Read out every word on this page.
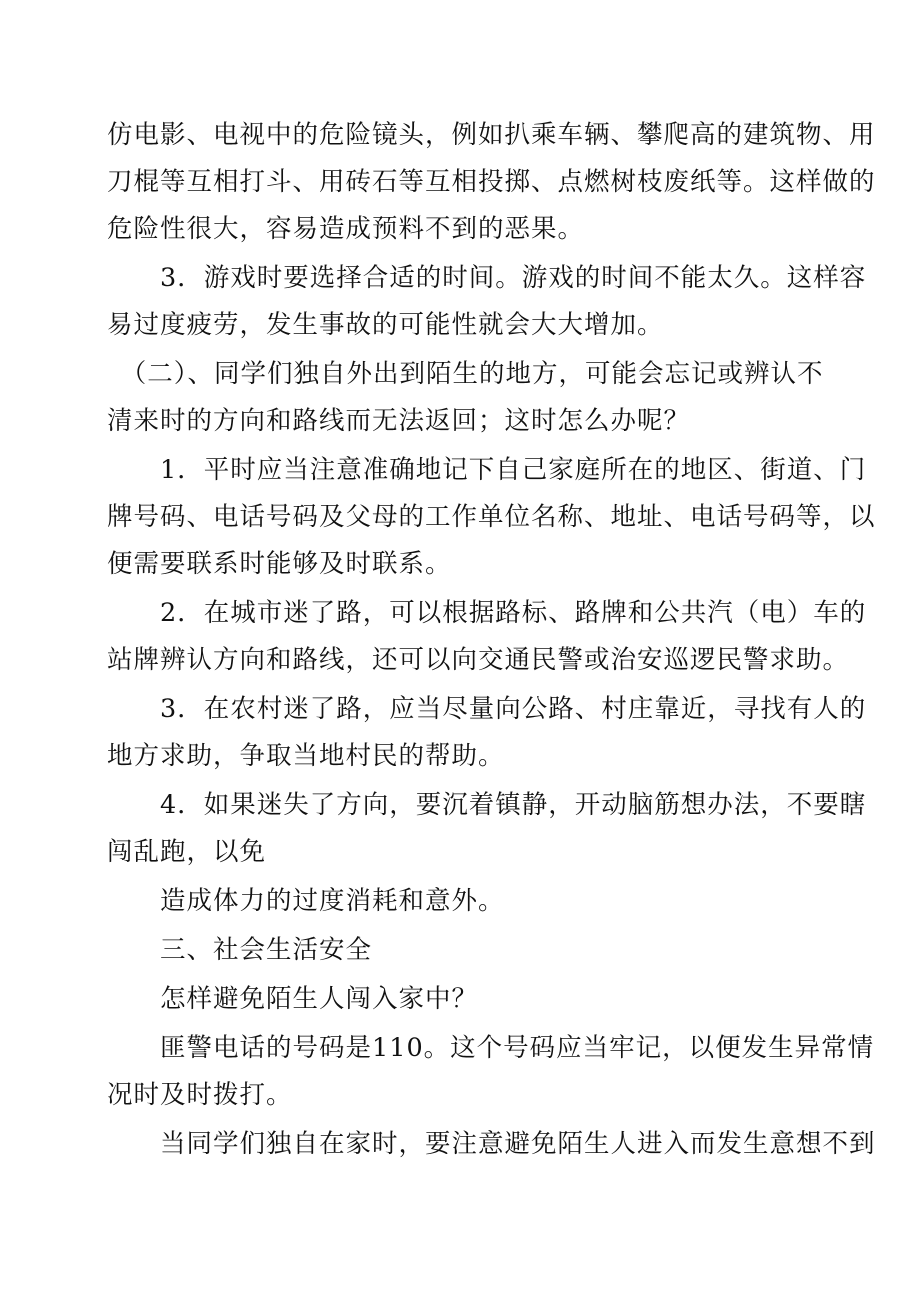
仿电影、电视中的危险镜头，例如扒乘车辆、攀爬高的建筑物、用
刀棍等互相打斗、用砖石等互相投掷、点燃树枝废纸等。这样做的
危险性很大，容易造成预料不到的恶果。
　　3．游戏时要选择合适的时间。游戏的时间不能太久。这样容
易过度疲劳，发生事故的可能性就会大大增加。
　（二）、同学们独自外出到陌生的地方，可能会忘记或辨认不
清来时的方向和路线而无法返回；这时怎么办呢？
　　1．平时应当注意准确地记下自己家庭所在的地区、街道、门
牌号码、电话号码及父母的工作单位名称、地址、电话号码等，以
便需要联系时能够及时联系。
　　2．在城市迷了路，可以根据路标、路牌和公共汽（电）车的
站牌辨认方向和路线，还可以向交通民警或治安巡逻民警求助。
　　3．在农村迷了路，应当尽量向公路、村庄靠近，寻找有人的
地方求助，争取当地村民的帮助。
　　4．如果迷失了方向，要沉着镇静，开动脑筋想办法，不要瞎
闯乱跑，以免
　　造成体力的过度消耗和意外。
　　三、社会生活安全
　　怎样避免陌生人闯入家中？
　　匪警电话的号码是110。这个号码应当牢记，以便发生异常情
况时及时拨打。
　　当同学们独自在家时，要注意避免陌生人进入而发生意想不到
